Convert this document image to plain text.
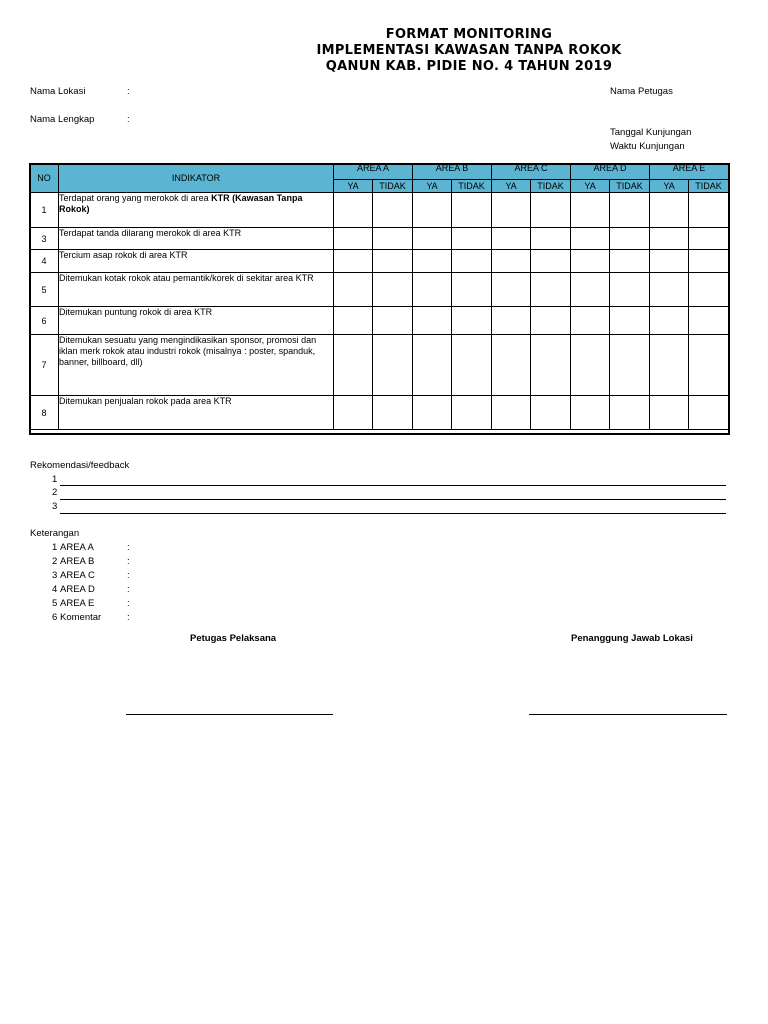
FORMAT MONITORING
IMPLEMENTASI KAWASAN TANPA ROKOK
QANUN KAB. PIDIE NO. 4 TAHUN 2019
Nama Lokasi	:
Nama Lengkap	:
Nama Petugas
Tanggal Kunjungan
Waktu Kunjungan
NO	INDIKATOR	AREA A		AREA B		AREA C		AREA D		AREA E	
		YA	TIDAK	YA	TIDAK	YA	TIDAK	YA	TIDAK	YA	TIDAK
1	Terdapat orang yang merokok di area KTR (Kawasan Tanpa Rokok)										
3	Terdapat tanda dilarang merokok di area KTR										
4	Tercium asap rokok di area KTR										
5	Ditemukan kotak rokok atau pemantik/korek di sekitar area KTR										
6	Ditemukan puntung rokok di area KTR										
7	Ditemukan sesuatu yang mengindikasikan sponsor, promosi dan iklan merk rokok atau industri rokok (misalnya : poster, spanduk, banner, billboard, dll)										
8	Ditemukan penjualan rokok pada area KTR										
Rekomendasi/feedback
1
2
3
Keterangan
1 AREA A	:
2 AREA B	:
3 AREA C	:
4 AREA D	:
5 AREA E	:
6 Komentar	:
Petugas Pelaksana	Penanggung Jawab Lokasi
